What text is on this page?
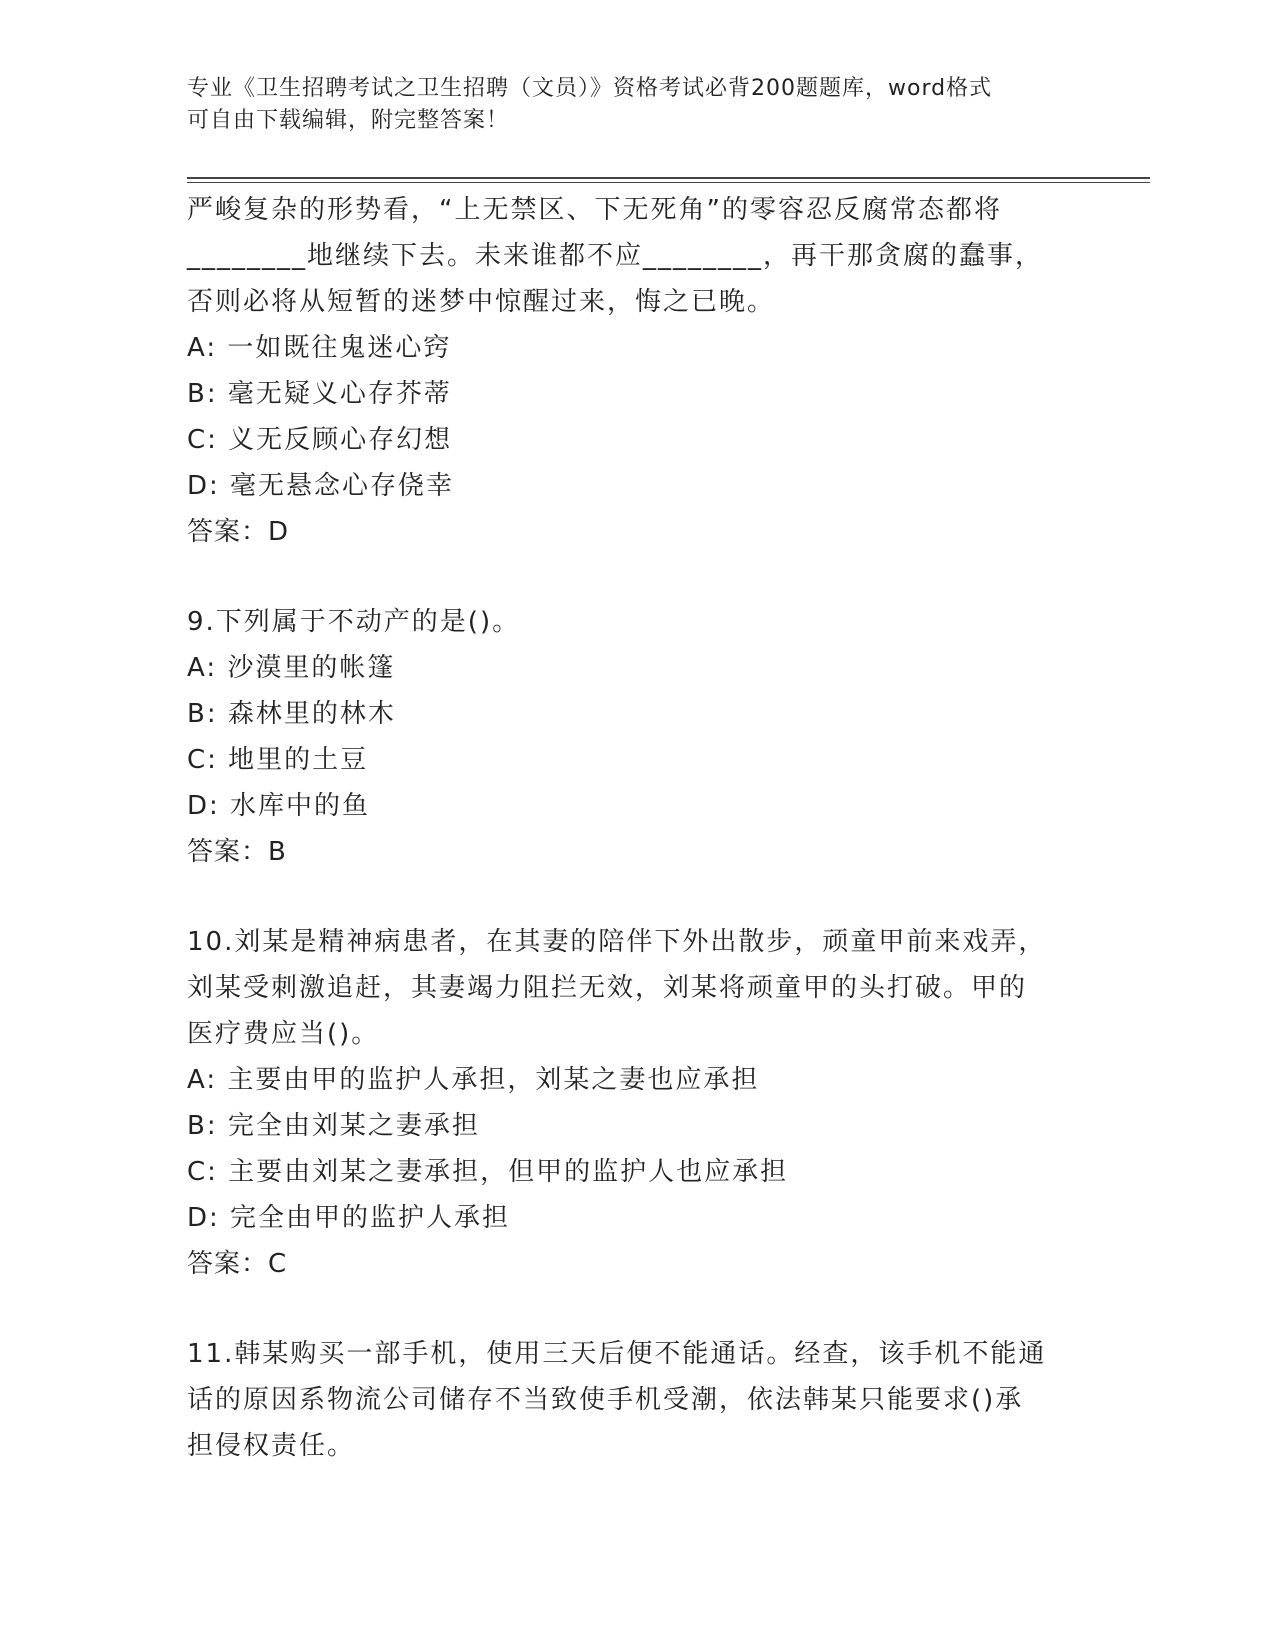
专业《卫生招聘考试之卫生招聘（文员）》资格考试必背200题题库，word格式
可自由下载编辑，附完整答案！
严峻复杂的形势看，“上无禁区、下无死角”的零容忍反腐常态都将
________地继续下去。未来谁都不应________，再干那贪腐的蠢事，
否则必将从短暂的迷梦中惊醒过来，悔之已晚。
A: 一如既往鬼迷心窍
B: 毫无疑义心存芥蒂
C: 义无反顾心存幻想
D: 毫无悬念心存侥幸
答案：D
9.下列属于不动产的是()。
A: 沙漠里的帐篷
B: 森林里的林木
C: 地里的土豆
D: 水库中的鱼
答案：B
10.刘某是精神病患者，在其妻的陪伴下外出散步，顽童甲前来戏弄，
刘某受刺激追赶，其妻竭力阻拦无效，刘某将顽童甲的头打破。甲的
医疗费应当()。
A: 主要由甲的监护人承担，刘某之妻也应承担
B: 完全由刘某之妻承担
C: 主要由刘某之妻承担，但甲的监护人也应承担
D: 完全由甲的监护人承担
答案：C
11.韩某购买一部手机，使用三天后便不能通话。经查，该手机不能通
话的原因系物流公司储存不当致使手机受潮，依法韩某只能要求()承
担侵权责任。
